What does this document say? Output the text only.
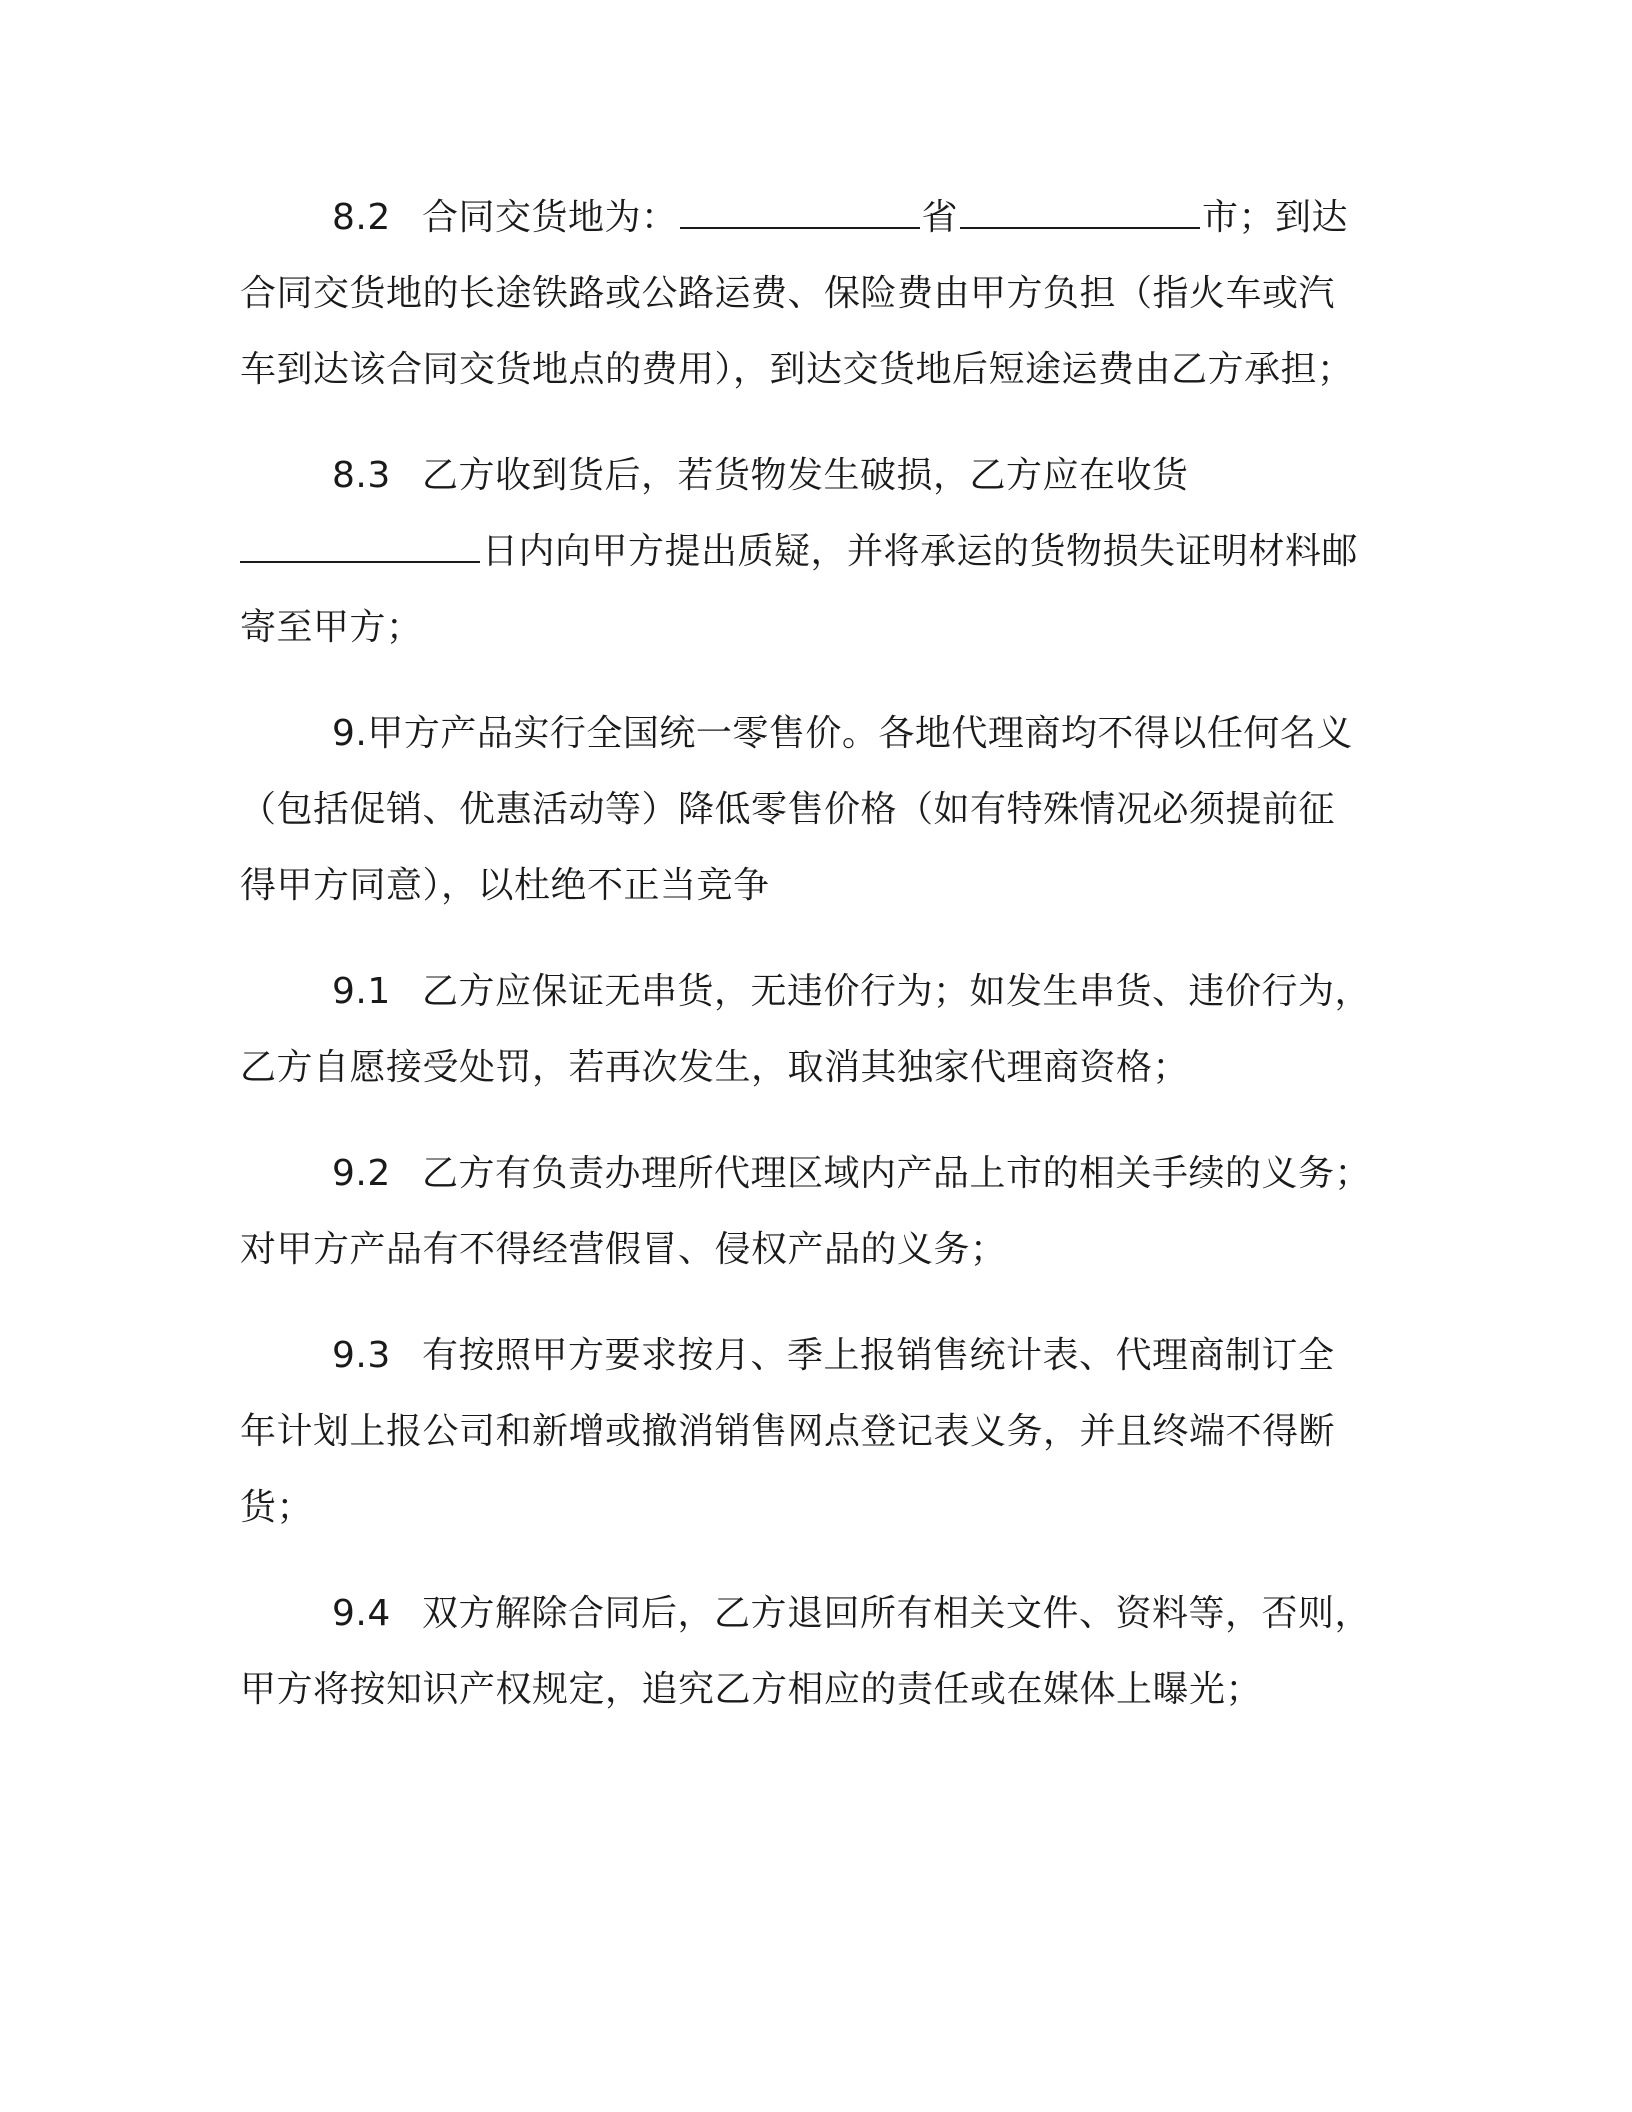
8.2 合同交货地为：	省	市；到达

合同交货地的长途铁路或公路运费、保险费由甲方负担（指火车或汽

车到达该合同交货地点的费用），到达交货地后短途运费由乙方承担；

8.3 乙方收到货后，若货物发生破损，乙方应在收货

日内向甲方提出质疑，并将承运的货物损失证明材料邮

寄至甲方；

9.甲方产品实行全国统一零售价。各地代理商均不得以任何名义

（包括促销、优惠活动等）降低零售价格（如有特殊情况必须提前征

得甲方同意），以杜绝不正当竞争

9.1 乙方应保证无串货，无违价行为；如发生串货、违价行为，

乙方自愿接受处罚，若再次发生，取消其独家代理商资格；

9.2 乙方有负责办理所代理区域内产品上市的相关手续的义务；

对甲方产品有不得经营假冒、侵权产品的义务；

9.3 有按照甲方要求按月、季上报销售统计表、代理商制订全

年计划上报公司和新增或撤消销售网点登记表义务，并且终端不得断

货；

9.4 双方解除合同后，乙方退回所有相关文件、资料等，否则，

甲方将按知识产权规定，追究乙方相应的责任或在媒体上曝光；
